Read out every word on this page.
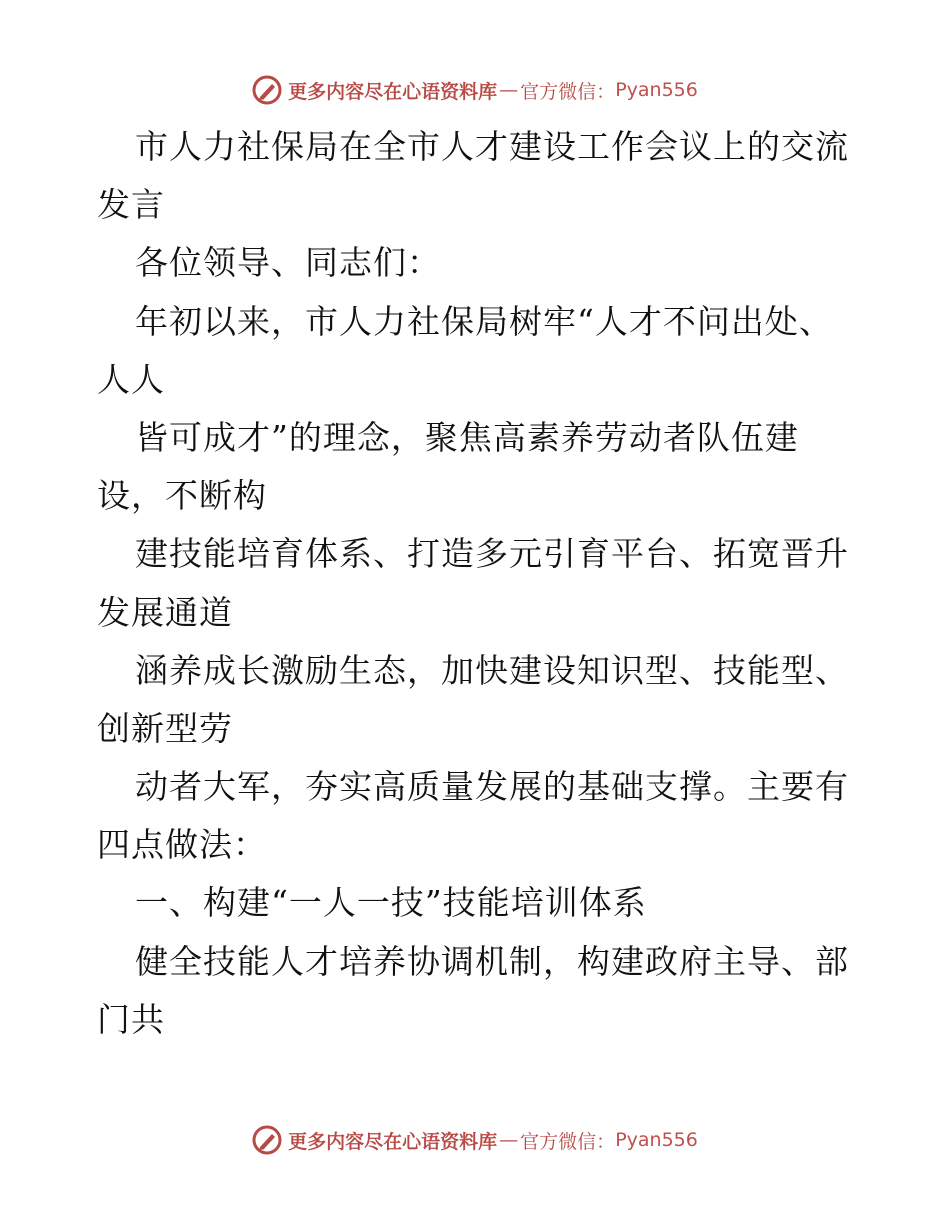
更多内容尽在心语资料库 — 官方微信： Pyan556

市人力社保局在全市人才建设工作会议上的交流

发言

各位领导、同志们：

年初以来，市人力社保局树牢“人才不问出处、

人人

皆可成才”的理念，聚焦高素养劳动者队伍建

设，不断构

建技能培育体系、打造多元引育平台、拓宽晋升

发展通道

涵养成长激励生态，加快建设知识型、技能型、

创新型劳

动者大军，夯实高质量发展的基础支撑。主要有

四点做法：

一、构建“一人一技”技能培训体系

健全技能人才培养协调机制，构建政府主导、部

门共

更多内容尽在心语资料库 — 官方微信： Pyan556
